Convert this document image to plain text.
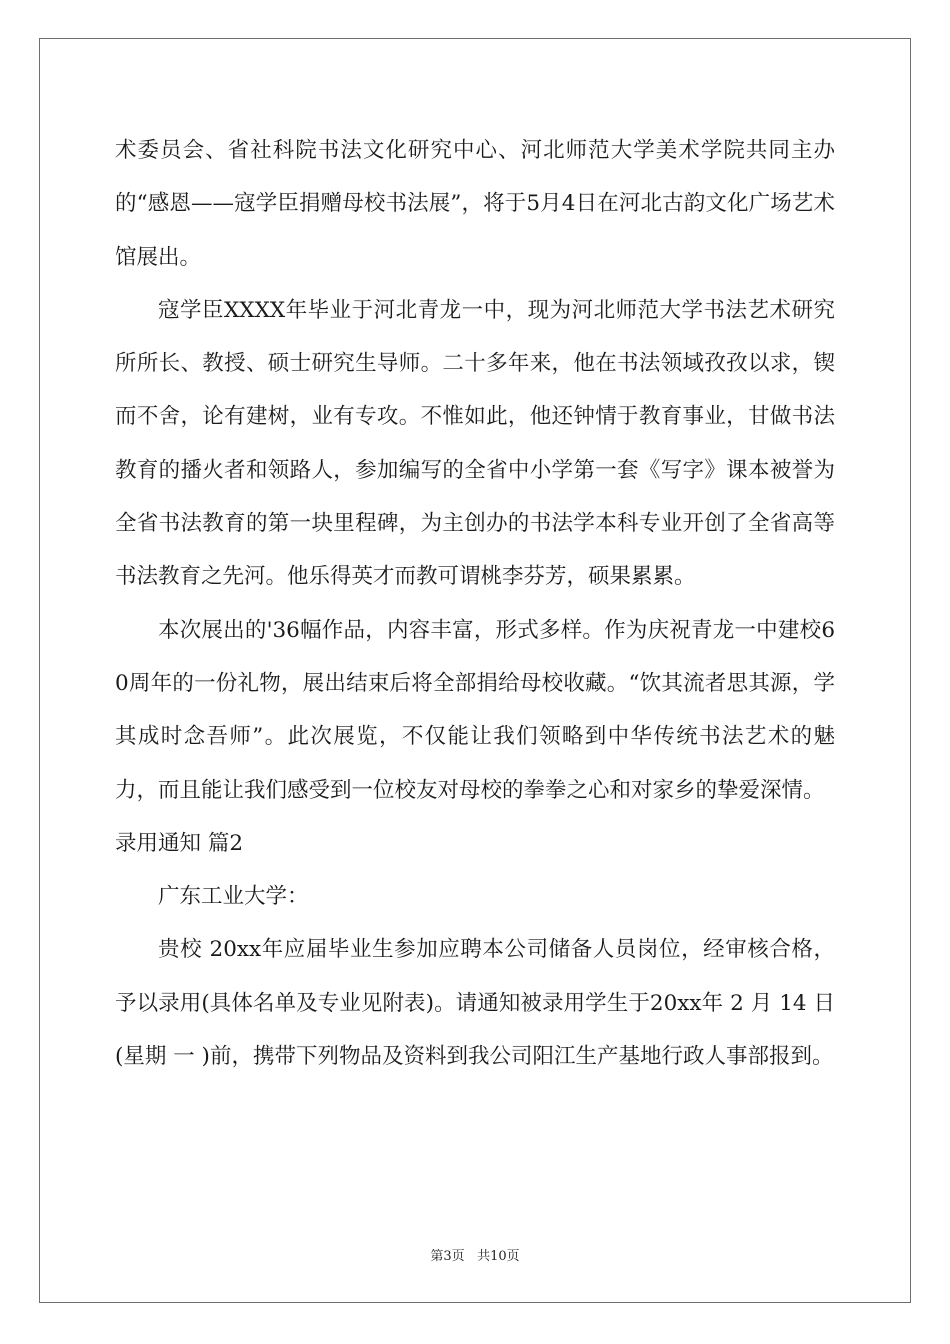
术委员会、省社科院书法文化研究中心、河北师范大学美术学院共同主办的“感恩——寇学臣捐赠母校书法展”，将于5月4日在河北古韵文化广场艺术馆展出。

寇学臣XXXX年毕业于河北青龙一中，现为河北师范大学书法艺术研究所所长、教授、硕士研究生导师。二十多年来，他在书法领域孜孜以求，锲而不舍，论有建树，业有专攻。不惟如此，他还钟情于教育事业，甘做书法教育的播火者和领路人，参加编写的全省中小学第一套《写字》课本被誉为全省书法教育的第一块里程碑，为主创办的书法学本科专业开创了全省高等书法教育之先河。他乐得英才而教可谓桃李芬芳，硕果累累。

本次展出的'36幅作品，内容丰富，形式多样。作为庆祝青龙一中建校60周年的一份礼物，展出结束后将全部捐给母校收藏。“饮其流者思其源，学其成时念吾师”。此次展览，不仅能让我们领略到中华传统书法艺术的魅力，而且能让我们感受到一位校友对母校的拳拳之心和对家乡的挚爱深情。

录用通知 篇2

广东工业大学：

贵校 20xx年应届毕业生参加应聘本公司储备人员岗位，经审核合格，予以录用(具体名单及专业见附表)。请通知被录用学生于20xx年 2 月 14 日(星期 一 )前，携带下列物品及资料到我公司阳江生产基地行政人事部报到。

第3页 共10页
